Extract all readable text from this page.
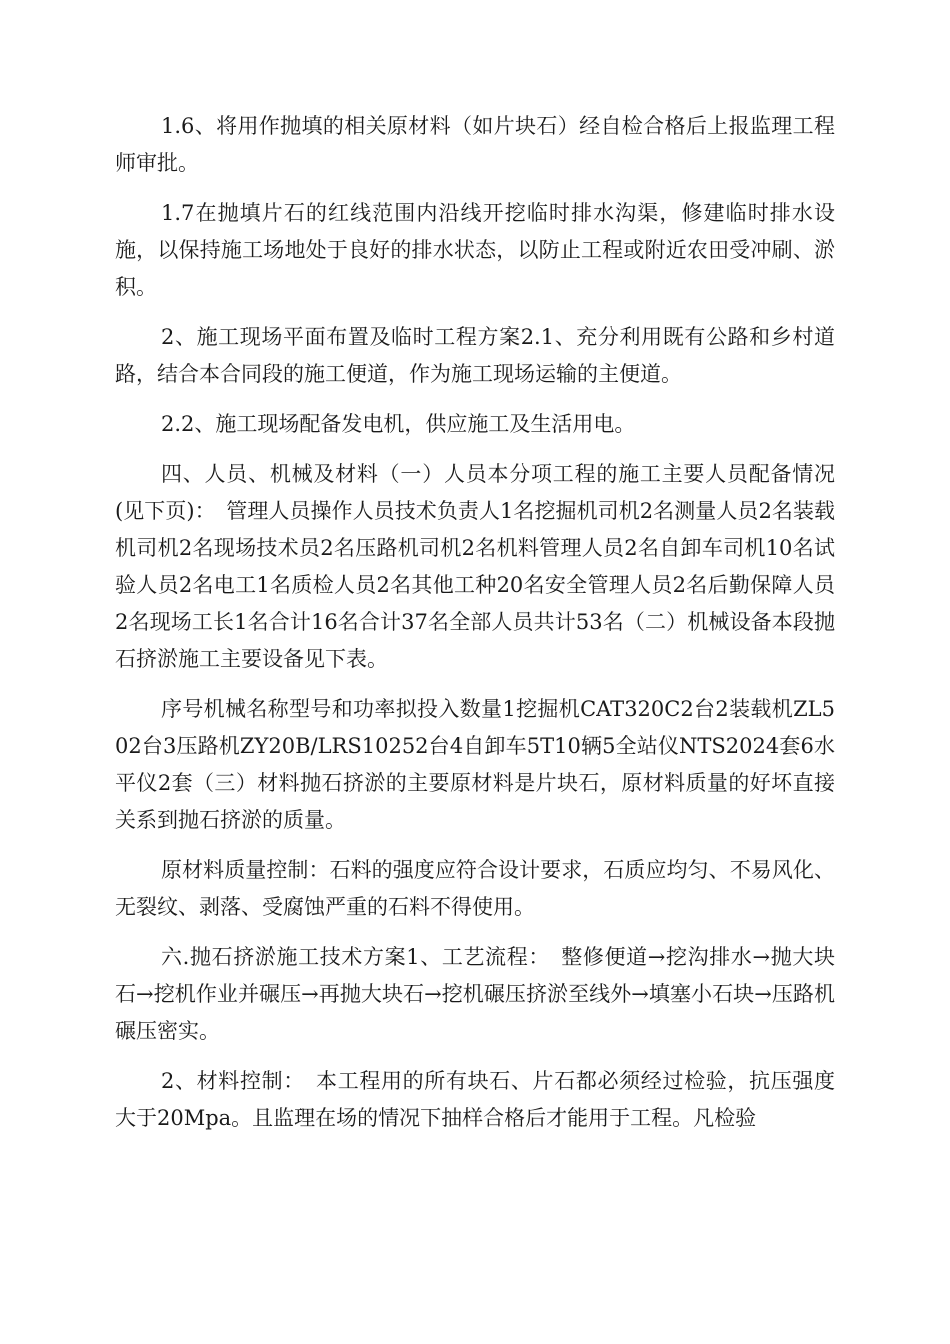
1.6、将用作抛填的相关原材料（如片块石）经自检合格后上报监理工程师审批。

1.7在抛填片石的红线范围内沿线开挖临时排水沟渠，修建临时排水设施，以保持施工场地处于良好的排水状态，以防止工程或附近农田受冲刷、淤积。

2、施工现场平面布置及临时工程方案2.1、充分利用既有公路和乡村道路，结合本合同段的施工便道，作为施工现场运输的主便道。

2.2、施工现场配备发电机，供应施工及生活用电。

四、人员、机械及材料（一）人员本分项工程的施工主要人员配备情况(见下页)：　管理人员操作人员技术负责人1名挖掘机司机2名测量人员2名装载机司机2名现场技术员2名压路机司机2名机料管理人员2名自卸车司机10名试验人员2名电工1名质检人员2名其他工种20名安全管理人员2名后勤保障人员2名现场工长1名合计16名合计37名全部人员共计53名（二）机械设备本段抛石挤淤施工主要设备见下表。

序号机械名称型号和功率拟投入数量1挖掘机CAT320C2台2装载机ZL502台3压路机ZY20B/LRS10252台4自卸车5T10辆5全站仪NTS2024套6水平仪2套（三）材料抛石挤淤的主要原材料是片块石，原材料质量的好坏直接关系到抛石挤淤的质量。

原材料质量控制：石料的强度应符合设计要求，石质应均匀、不易风化、无裂纹、剥落、受腐蚀严重的石料不得使用。

六.抛石挤淤施工技术方案1、工艺流程：　整修便道→挖沟排水→抛大块石→挖机作业并碾压→再抛大块石→挖机碾压挤淤至线外→填塞小石块→压路机碾压密实。

2、材料控制：　本工程用的所有块石、片石都必须经过检验，抗压强度大于20Mpa。且监理在场的情况下抽样合格后才能用于工程。凡检验
